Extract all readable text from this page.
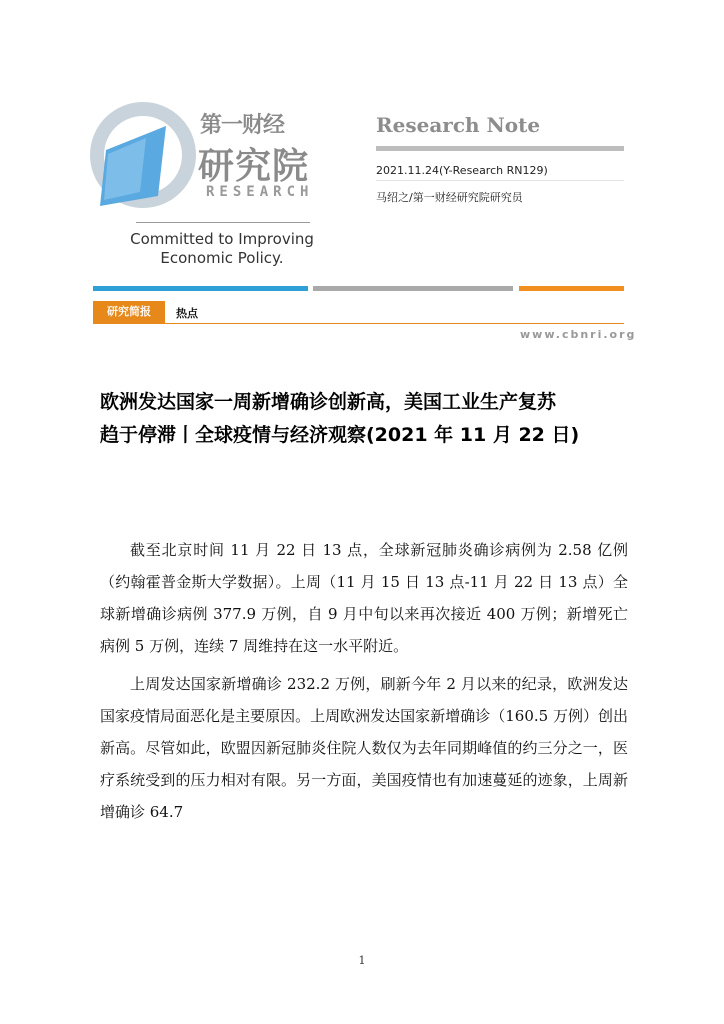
第一财经
研究院
RESEARCH
Committed to Improving
Economic Policy.
Research Note
2021.11.24(Y-Research RN129)
马绍之/第一财经研究院研究员
研究简报	热点
www.cbnri.org
欧洲发达国家一周新增确诊创新高，美国工业生产复苏
趋于停滞丨全球疫情与经济观察(2021 年 11 月 22 日)

截至北京时间 11 月 22 日 13 点，全球新冠肺炎确诊病例为 2.58 亿例（约翰霍普金斯大学数据）。上周（11 月 15 日 13 点-11 月 22 日 13 点）全球新增确诊病例 377.9 万例，自 9 月中旬以来再次接近 400 万例；新增死亡病例 5 万例，连续 7 周维持在这一水平附近。

上周发达国家新增确诊 232.2 万例，刷新今年 2 月以来的纪录，欧洲发达国家疫情局面恶化是主要原因。上周欧洲发达国家新增确诊（160.5 万例）创出新高。尽管如此，欧盟因新冠肺炎住院人数仅为去年同期峰值的约三分之一，医疗系统受到的压力相对有限。另一方面，美国疫情也有加速蔓延的迹象，上周新增确诊 64.7

1
